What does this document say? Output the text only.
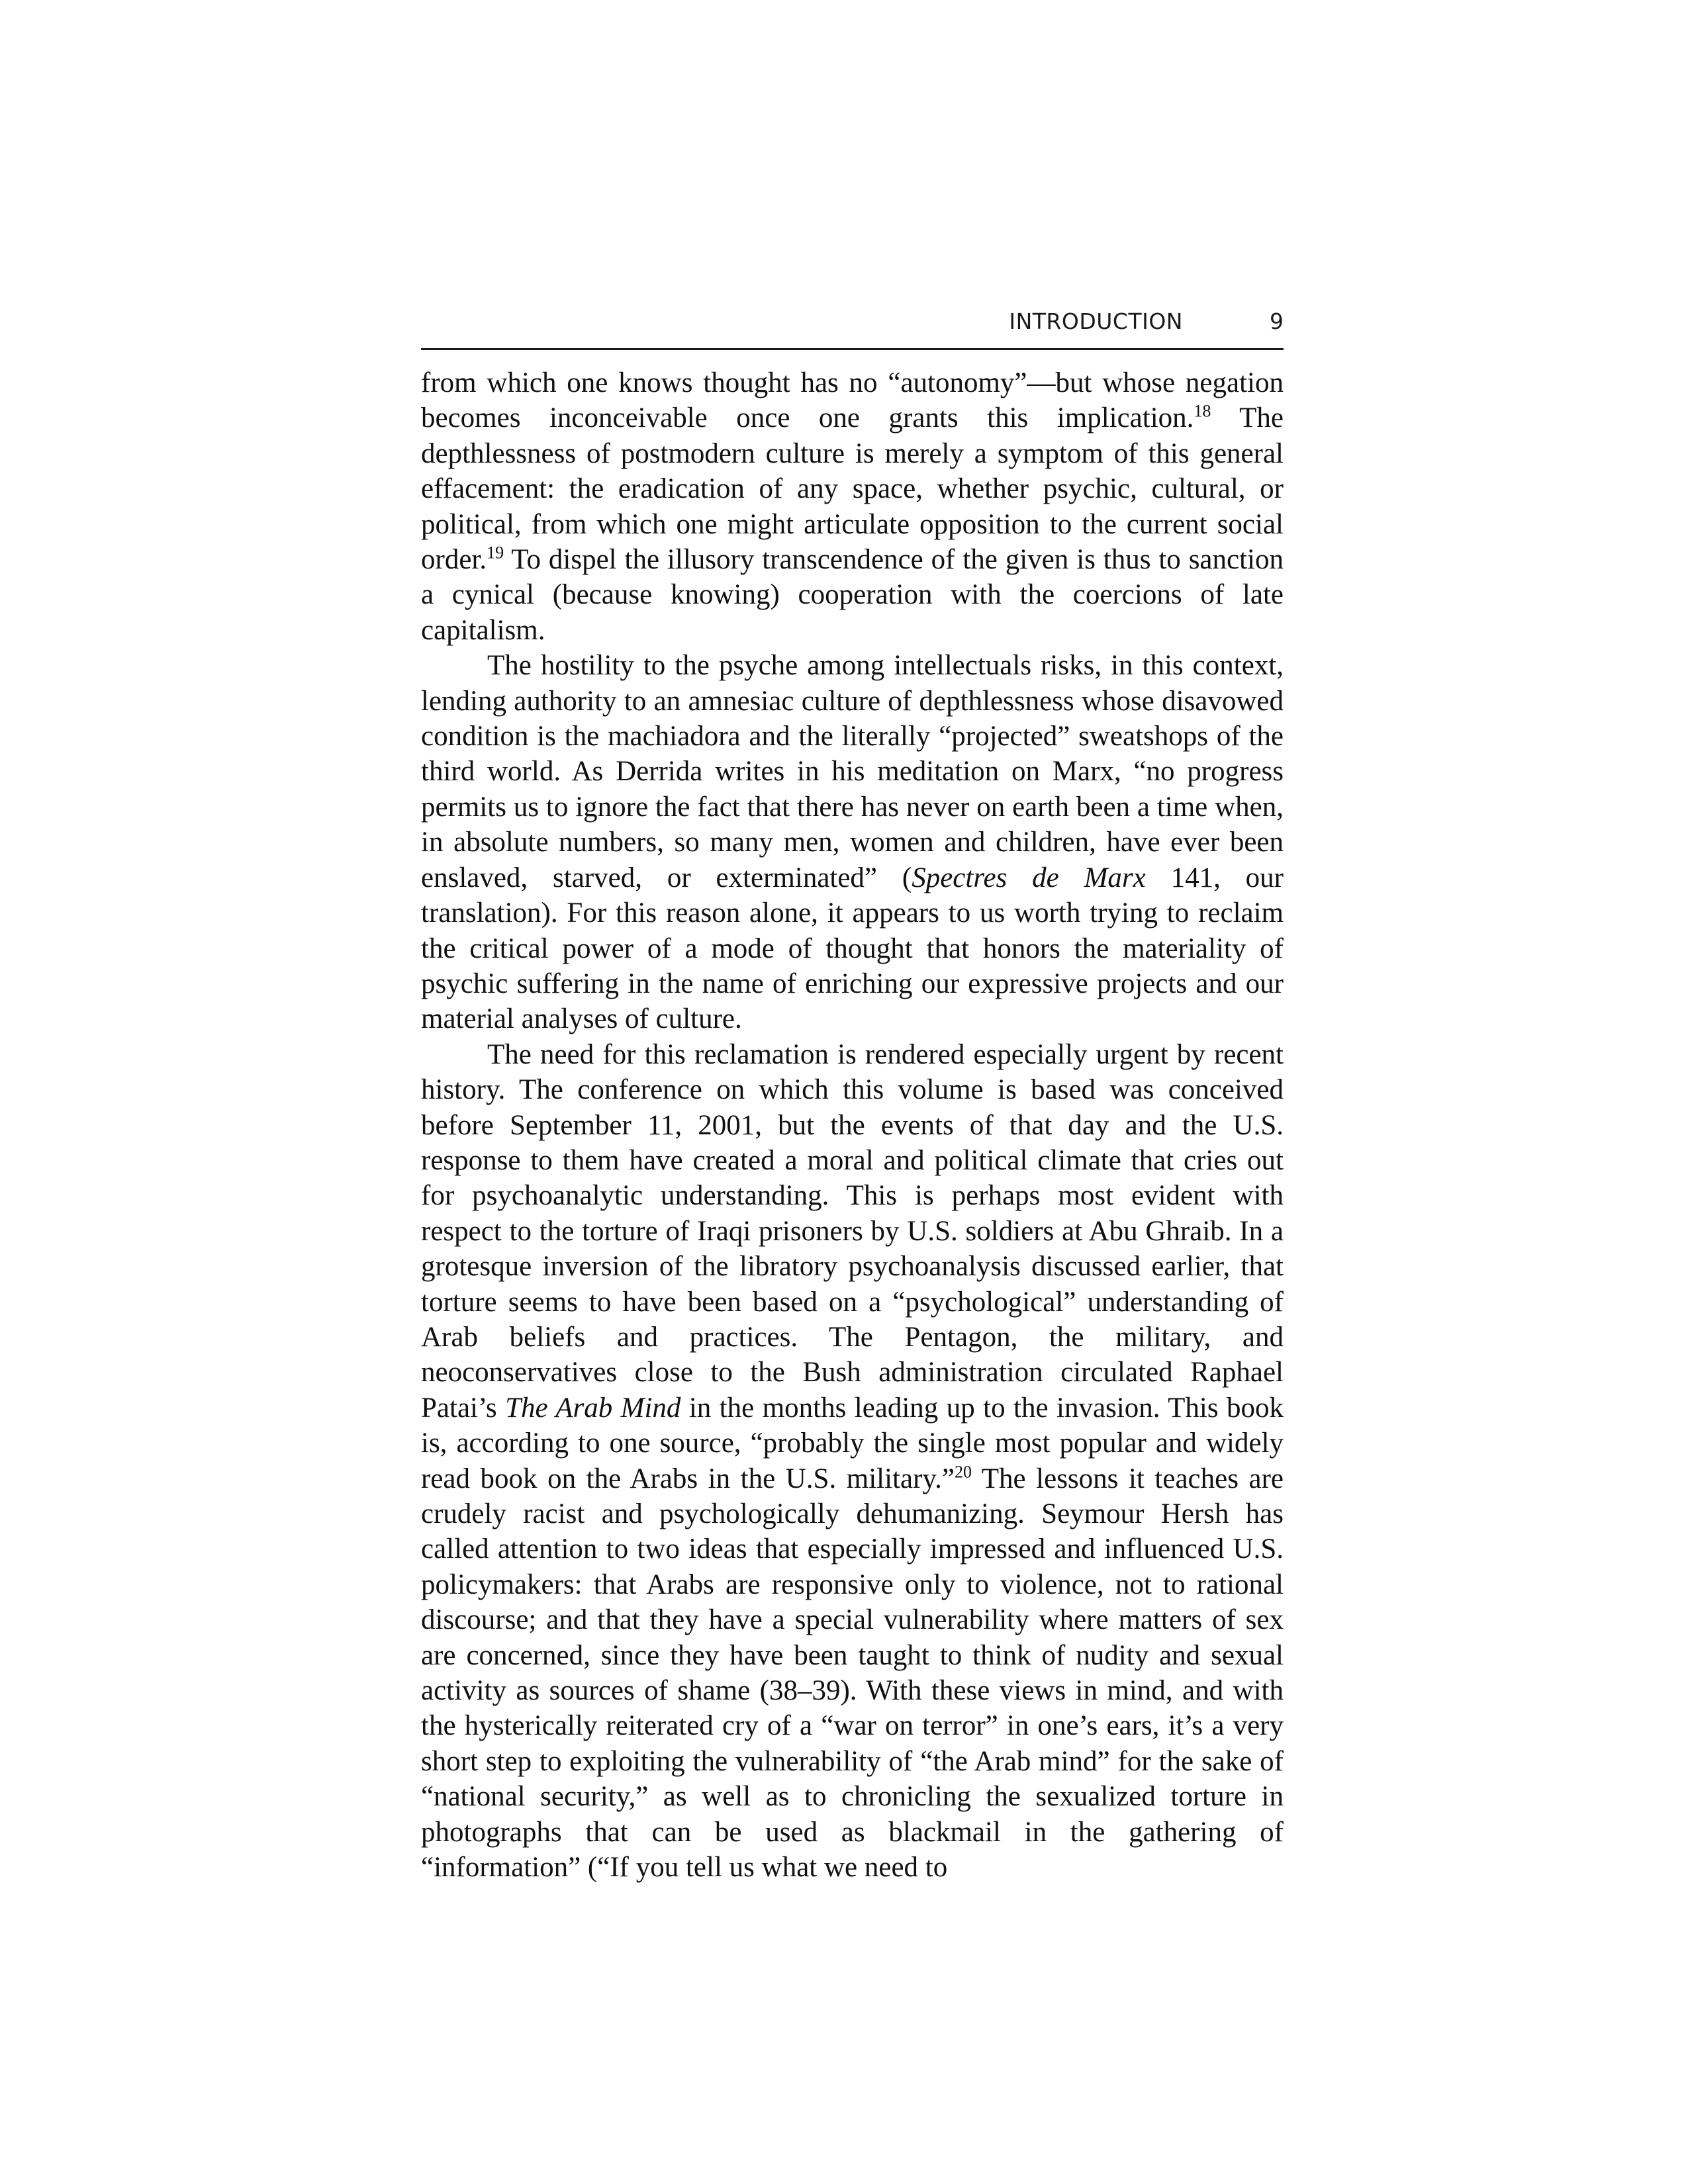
INTRODUCTION	9

from which one knows thought has no “autonomy”—but whose negation becomes inconceivable once one grants this implication.$^{18}$ The depthlessness of postmodern culture is merely a symptom of this general effacement: the eradication of any space, whether psychic, cultural, or political, from which one might articulate opposition to the current social order.$^{19}$ To dispel the illusory transcendence of the given is thus to sanction a cynical (because knowing) cooperation with the coercions of late capitalism.

The hostility to the psyche among intellectuals risks, in this context, lending authority to an amnesiac culture of depthlessness whose disavowed condition is the machiadora and the literally “projected” sweatshops of the third world. As Derrida writes in his meditation on Marx, “no progress permits us to ignore the fact that there has never on earth been a time when, in absolute numbers, so many men, women and children, have ever been enslaved, starved, or exterminated” (Spectres de Marx 141, our translation). For this reason alone, it appears to us worth trying to reclaim the critical power of a mode of thought that honors the materiality of psychic suffering in the name of enriching our expressive projects and our material analyses of culture.

The need for this reclamation is rendered especially urgent by recent history. The conference on which this volume is based was conceived before September 11, 2001, but the events of that day and the U.S. response to them have created a moral and political climate that cries out for psychoanalytic understanding. This is perhaps most evident with respect to the torture of Iraqi prisoners by U.S. soldiers at Abu Ghraib. In a grotesque inversion of the libratory psychoanalysis discussed earlier, that torture seems to have been based on a “psychological” understanding of Arab beliefs and practices. The Pentagon, the military, and neoconservatives close to the Bush administration circulated Raphael Patai’s The Arab Mind in the months leading up to the invasion. This book is, according to one source, “probably the single most popular and widely read book on the Arabs in the U.S. military.”$^{20}$ The lessons it teaches are crudely racist and psychologically dehumanizing. Seymour Hersh has called attention to two ideas that especially impressed and influenced U.S. policymakers: that Arabs are responsive only to violence, not to rational discourse; and that they have a special vulnerability where matters of sex are concerned, since they have been taught to think of nudity and sexual activity as sources of shame (38–39). With these views in mind, and with the hysterically reiterated cry of a “war on terror” in one’s ears, it’s a very short step to exploiting the vulnerability of “the Arab mind” for the sake of “national security,” as well as to chronicling the sexualized torture in photographs that can be used as blackmail in the gathering of “information” (“If you tell us what we need to
